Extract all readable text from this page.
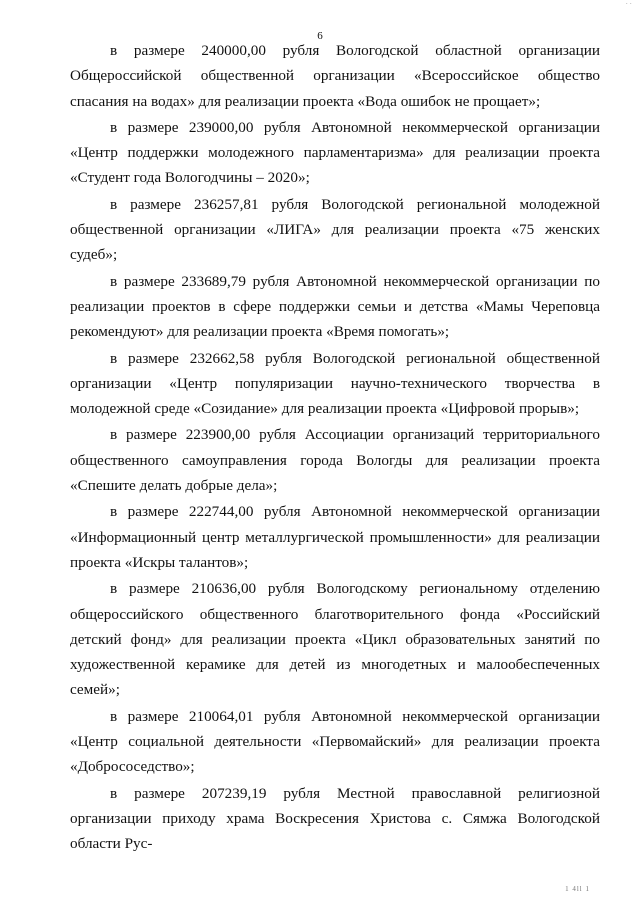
· ·
6

в размере 240000,00 рубля Вологодской областной организации Общероссийской общественной организации «Всероссийское общество спасания на водах» для реализации проекта «Вода ошибок не прощает»;

в размере 239000,00 рубля Автономной некоммерческой организации «Центр поддержки молодежного парламентаризма» для реализации проекта «Студент года Вологодчины – 2020»;

в размере 236257,81 рубля Вологодской региональной молодежной общественной организации «ЛИГА» для реализации проекта «75 женских судеб»;

в размере 233689,79 рубля Автономной некоммерческой организации по реализации проектов в сфере поддержки семьи и детства «Мамы Череповца рекомендуют» для реализации проекта «Время помогать»;

в размере 232662,58 рубля Вологодской региональной общественной организации «Центр популяризации научно-технического творчества в молодежной среде «Созидание» для реализации проекта «Цифровой прорыв»;

в размере 223900,00 рубля Ассоциации организаций территориального общественного самоуправления города Вологды для реализации проекта «Спешите делать добрые дела»;

в размере 222744,00 рубля Автономной некоммерческой организации «Информационный центр металлургической промышленности» для реализации проекта «Искры талантов»;

в размере 210636,00 рубля Вологодскому региональному отделению общероссийского общественного благотворительного фонда «Российский детский фонд» для реализации проекта «Цикл образовательных занятий по художественной керамике для детей из многодетных и малообеспеченных семей»;

в размере 210064,01 рубля Автономной некоммерческой организации «Центр социальной деятельности «Первомайский» для реализации проекта «Добрососедство»;

в размере 207239,19 рубля Местной православной религиозной организации приходу храма Воскресения Христова с. Сямжа Вологодской области Рус-

1 4ll 1
